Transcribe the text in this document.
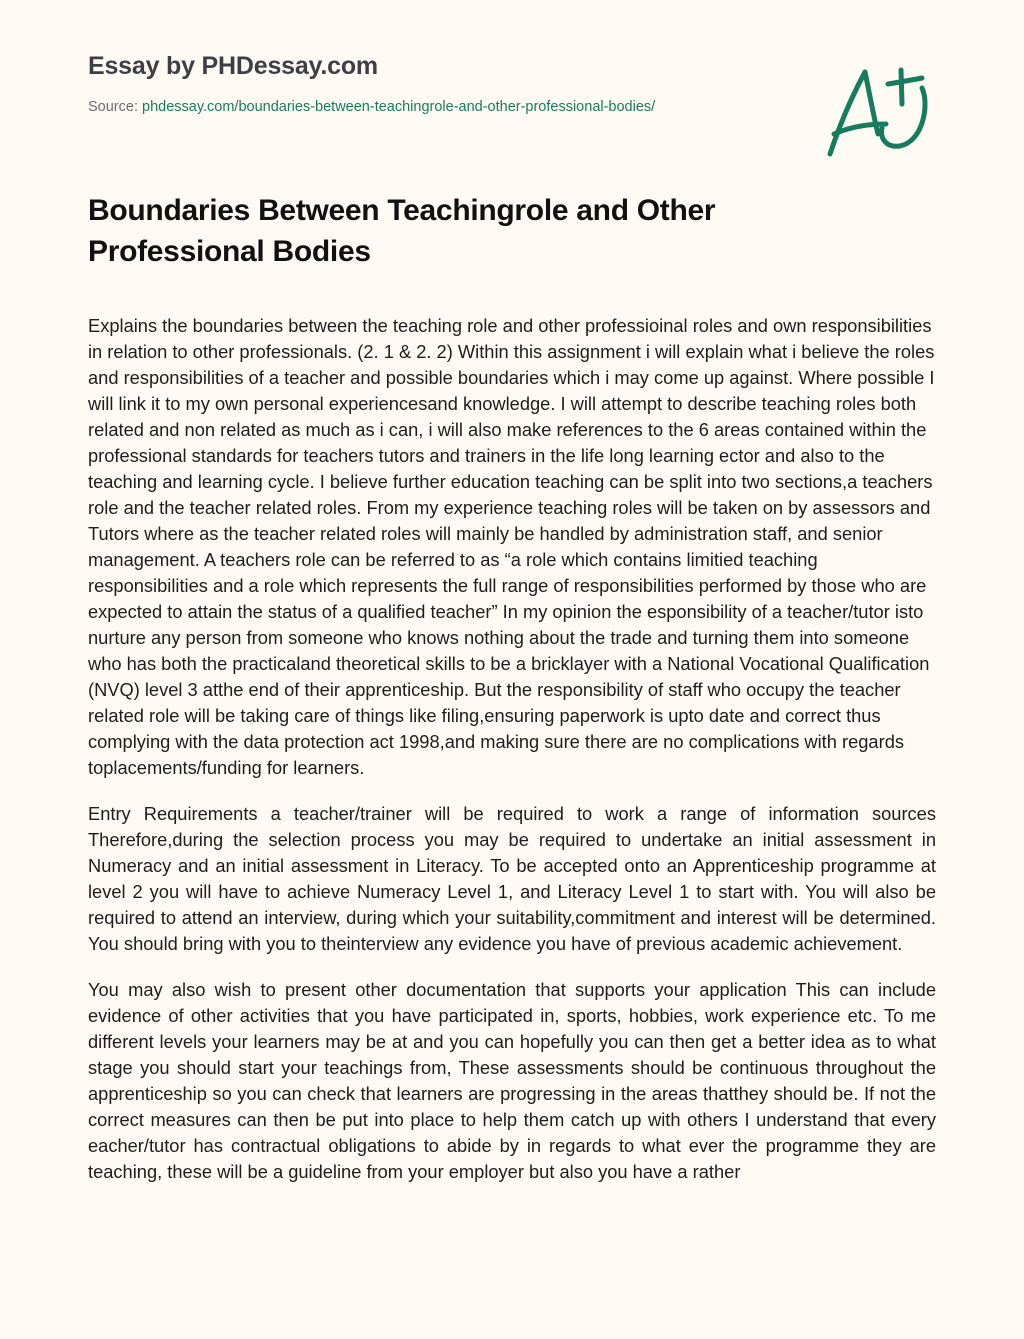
Essay by PHDessay.com
Source: phdessay.com/boundaries-between-teachingrole-and-other-professional-bodies/
Boundaries Between Teachingrole and Other Professional Bodies

Explains the boundaries between the teaching role and other professioinal roles and own responsibilities in relation to other professionals. (2. 1 & 2. 2) Within this assignment i will explain what i believe the roles and responsibilities of a teacher and possible boundaries which i may come up against. Where possible I will link it to my own personal experiencesand knowledge. I will attempt to describe teaching roles both related and non related as much as i can, i will also make references to the 6 areas contained within the professional standards for teachers tutors and trainers in the life long learning ector and also to the teaching and learning cycle. I believe further education teaching can be split into two sections,a teachers role and the teacher related roles. From my experience teaching roles will be taken on by assessors and Tutors where as the teacher related roles will mainly be handled by administration staff, and senior management. A teachers role can be referred to as “a role which contains limitied teaching responsibilities and a role which represents the full range of responsibilities performed by those who are expected to attain the status of a qualified teacher” In my opinion the esponsibility of a teacher/tutor isto nurture any person from someone who knows nothing about the trade and turning them into someone who has both the practicaland theoretical skills to be a bricklayer with a National Vocational Qualification (NVQ) level 3 atthe end of their apprenticeship. But the responsibility of staff who occupy the teacher related role will be taking care of things like filing,ensuring paperwork is upto date and correct thus complying with the data protection act 1998,and making sure there are no complications with regards toplacements/funding for learners.

Entry Requirements a teacher/trainer will be required to work a range of information sources Therefore,during the selection process you may be required to undertake an initial assessment in Numeracy and an initial assessment in Literacy. To be accepted onto an Apprenticeship programme at level 2 you will have to achieve Numeracy Level 1, and Literacy Level 1 to start with. You will also be required to attend an interview, during which your suitability,commitment and interest will be determined. You should bring with you to theinterview any evidence you have of previous academic achievement.

You may also wish to present other documentation that supports your application This can include evidence of other activities that you have participated in, sports, hobbies, work experience etc. To me different levels your learners may be at and you can hopefully you can then get a better idea as to what stage you should start your teachings from, These assessments should be continuous throughout the apprenticeship so you can check that learners are progressing in the areas thatthey should be. If not the correct measures can then be put into place to help them catch up with others I understand that every eacher/tutor has contractual obligations to abide by in regards to what ever the programme they are teaching, these will be a guideline from your employer but also you have a rather
